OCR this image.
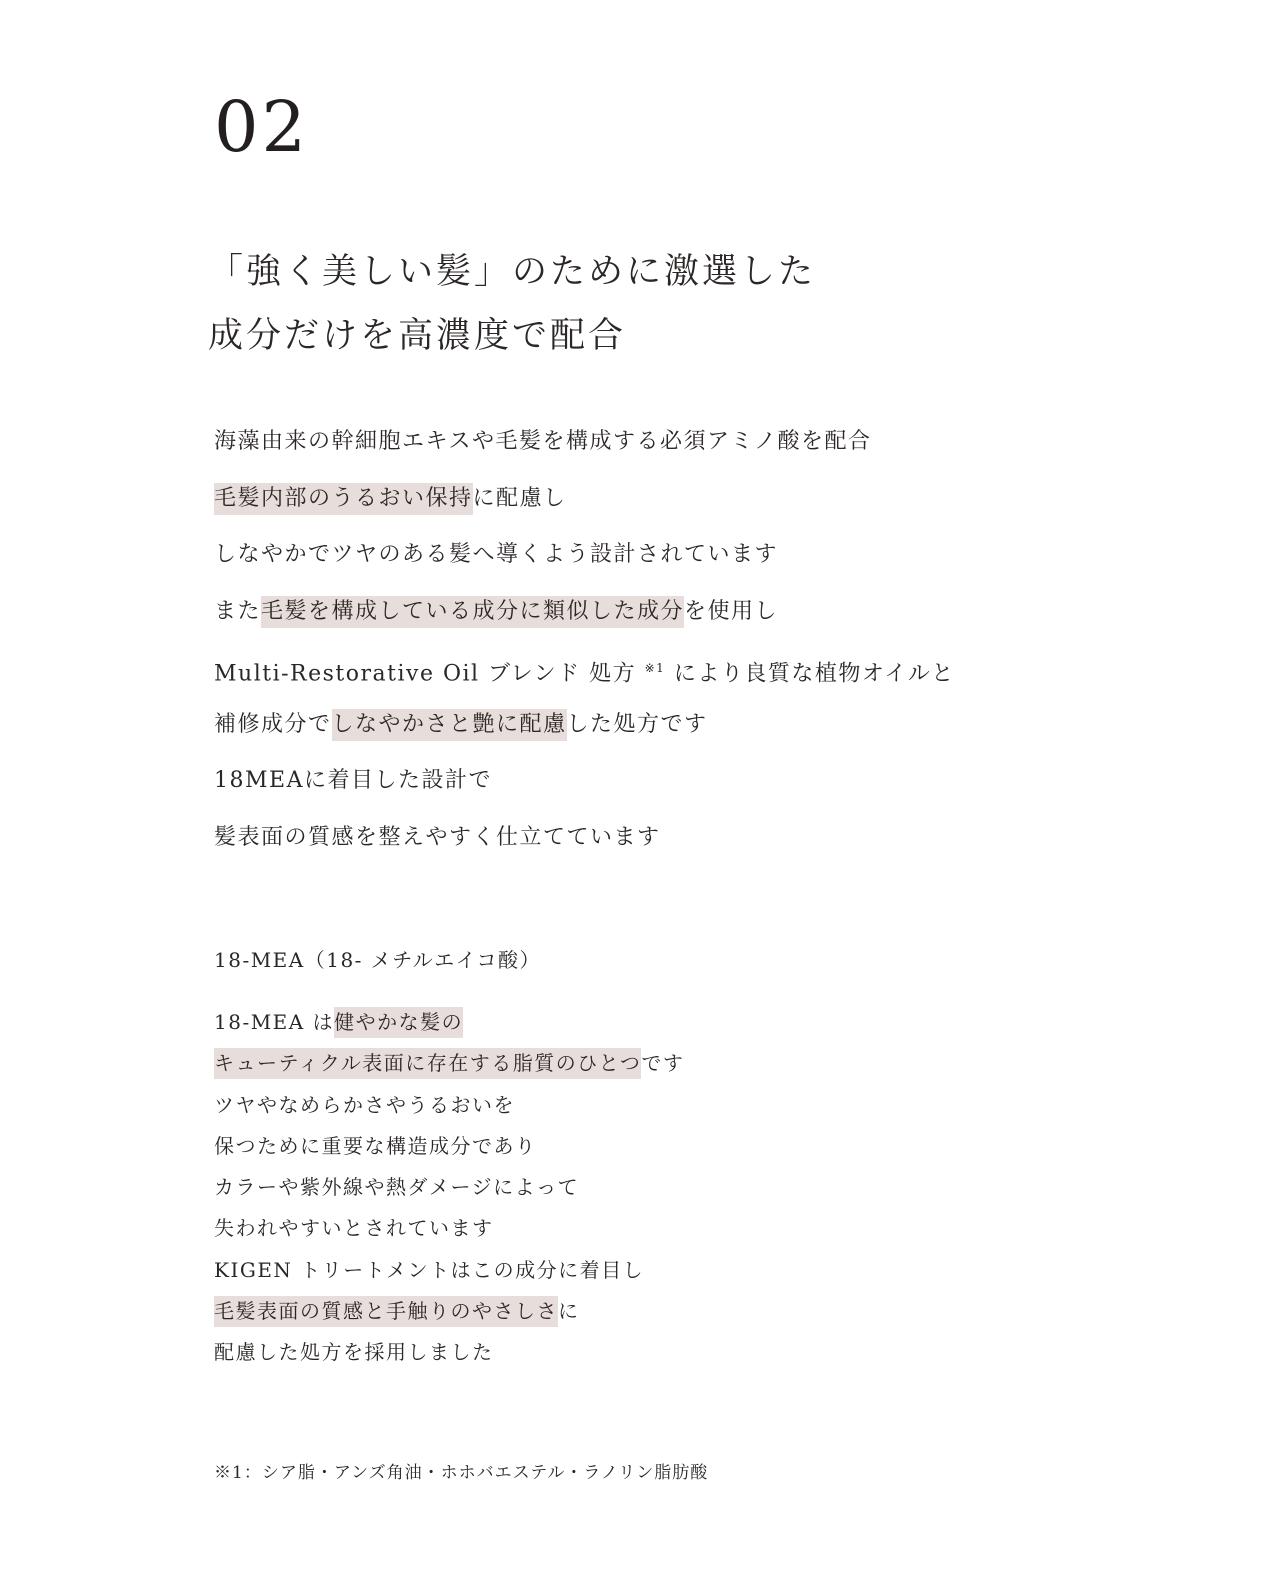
02
「強く美しい髪」のために激選した
成分だけを高濃度で配合
海藻由来の幹細胞エキスや毛髪を構成する必須アミノ酸を配合
毛髪内部のうるおい保持に配慮し
しなやかでツヤのある髪へ導くよう設計されています
また毛髪を構成している成分に類似した成分を使用し
Multi-Restorative Oil ブレンド 処方 $^{※1}$ により良質な植物オイルと
補修成分でしなやかさと艶に配慮した処方です
18MEAに着目した設計で
髪表面の質感を整えやすく仕立てています
18-MEA（18- メチルエイコ酸）
18-MEA は健やかな髪の
キューティクル表面に存在する脂質のひとつです
ツヤやなめらかさやうるおいを
保つために重要な構造成分であり
カラーや紫外線や熱ダメージによって
失われやすいとされています
KIGEN トリートメントはこの成分に着目し
毛髪表面の質感と手触りのやさしさに
配慮した処方を採用しました
※1：シア脂・アンズ角油・ホホバエステル・ラノリン脂肪酸
